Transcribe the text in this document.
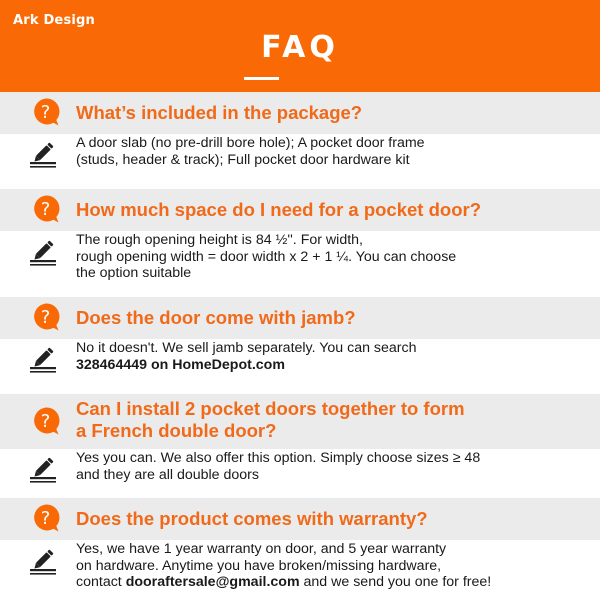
Ark Design
FAQ
What’s included in the package?
A door slab (no pre-drill bore hole); A pocket door frame
(studs, header & track); Full pocket door hardware kit
How much space do I need for a pocket door?
The rough opening height is 84 ½''. For width,
rough opening width = door width x 2 + 1 ¼. You can choose
the option suitable
Does the door come with jamb?
No it doesn't. We sell jamb separately. You can search
328464449 on HomeDepot.com
Can I install 2 pocket doors together to form
a French double door?
Yes you can. We also offer this option. Simply choose sizes ≥ 48
and they are all double doors
Does the product comes with warranty?
Yes, we have 1 year warranty on door, and 5 year warranty
on hardware. Anytime you have broken/missing hardware,
contact dooraftersale@gmail.com and we send you one for free!
